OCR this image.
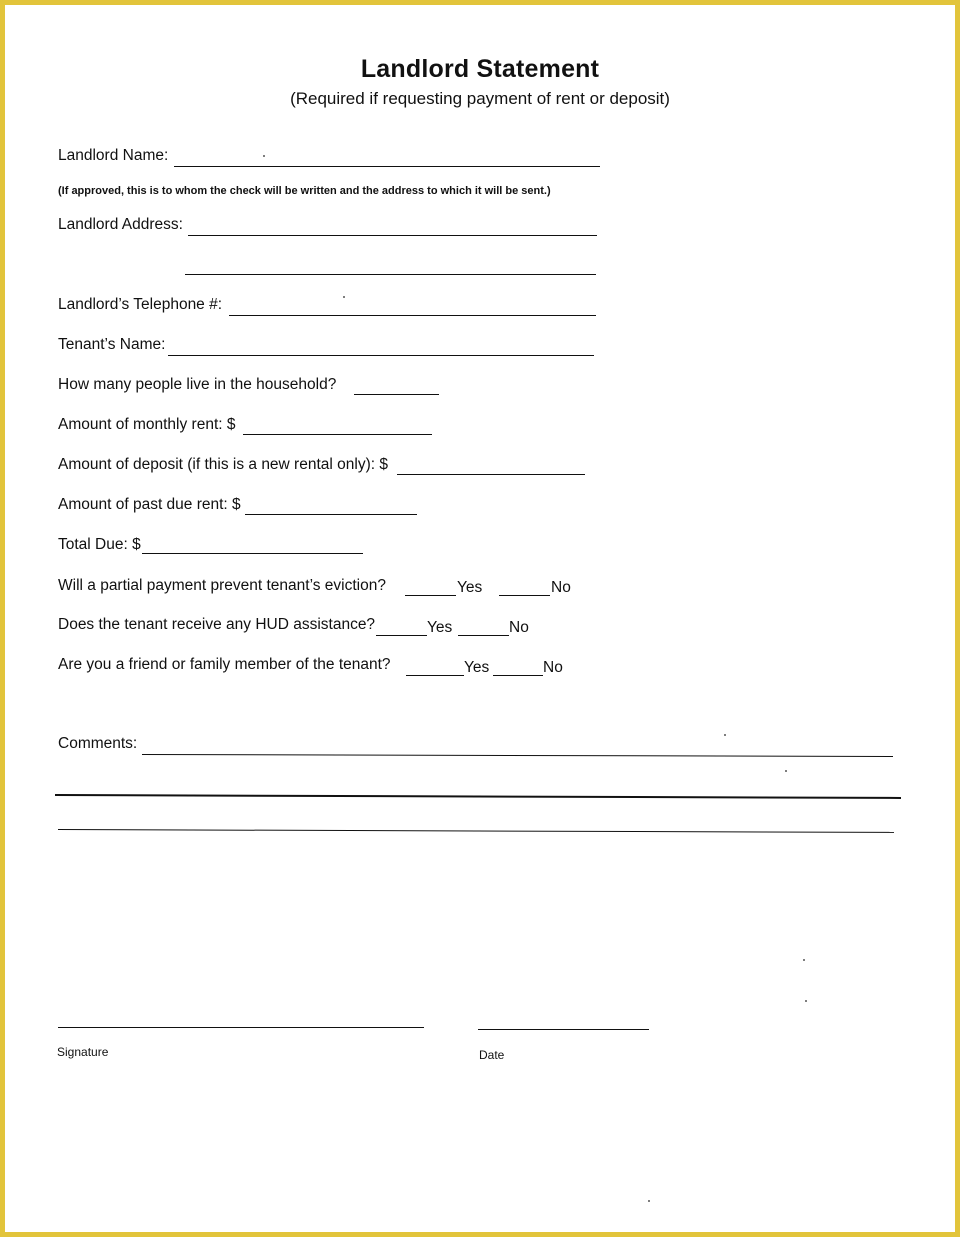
Landlord Statement
(Required if requesting payment of rent or deposit)
Landlord Name:
(If approved, this is to whom the check will be written and the address to which it will be sent.)
Landlord Address:
Landlord’s Telephone #:
Tenant’s Name:
How many people live in the household?
Amount of monthly rent: $
Amount of deposit (if this is a new rental only): $
Amount of past due rent: $
Total Due: $
Will a partial payment prevent tenant’s eviction?	Yes	No
Does the tenant receive any HUD assistance?	Yes	No
Are you a friend or family member of the tenant?	Yes	No
Comments:
Signature	Date
